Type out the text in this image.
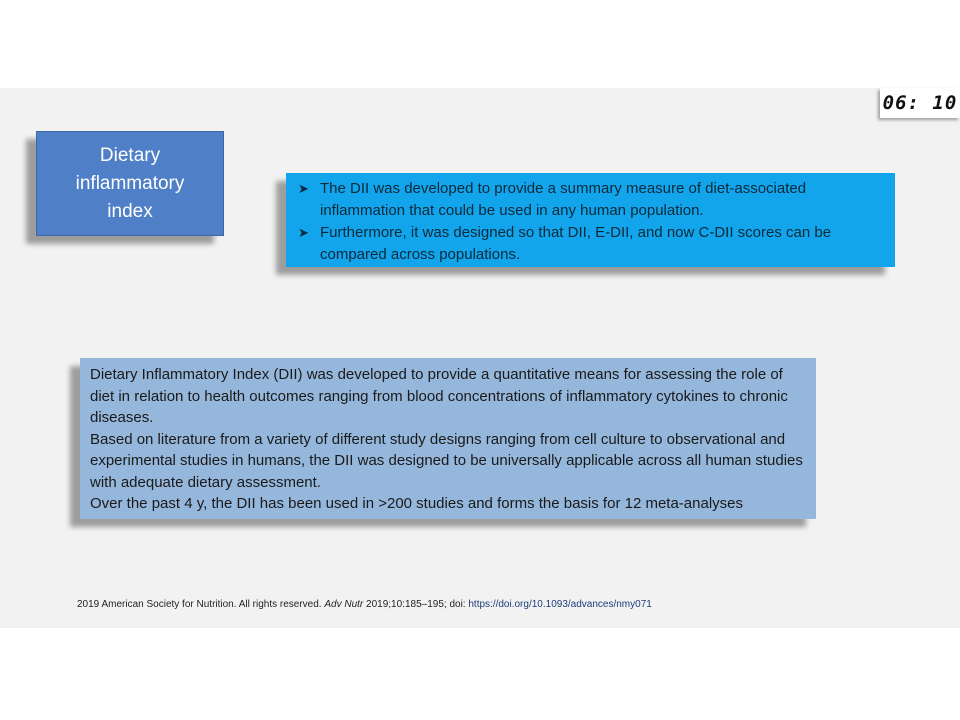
06: 10
Dietary inflammatory index
➤ The DII was developed to provide a summary measure of diet-associated inflammation that could be used in any human population.
➤ Furthermore, it was designed so that DII, E-DII, and now C-DII scores can be compared across populations.

Dietary Inflammatory Index (DII) was developed to provide a quantitative means for assessing the role of diet in relation to health outcomes ranging from blood concentrations of inflammatory cytokines to chronic diseases.

Based on literature from a variety of different study designs ranging from cell culture to observational and experimental studies in humans, the DII was designed to be universally applicable across all human studies with adequate dietary assessment.

Over the past 4 y, the DII has been used in >200 studies and forms the basis for 12 meta-analyses

2019 American Society for Nutrition. All rights reserved. Adv Nutr 2019;10:185–195; doi: https://doi.org/10.1093/advances/nmy071
